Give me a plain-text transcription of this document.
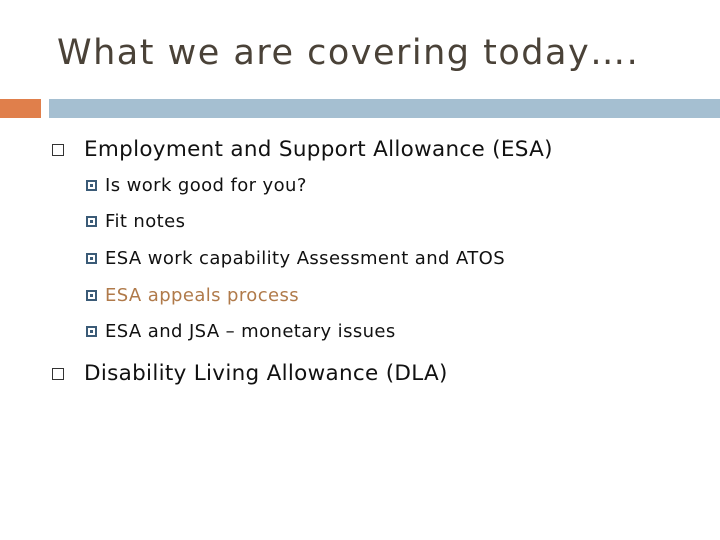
What we are covering today….
Employment and Support Allowance (ESA)
Is work good for you?
Fit notes
ESA work capability Assessment and ATOS
ESA appeals process
ESA and JSA – monetary issues
Disability Living Allowance (DLA)
